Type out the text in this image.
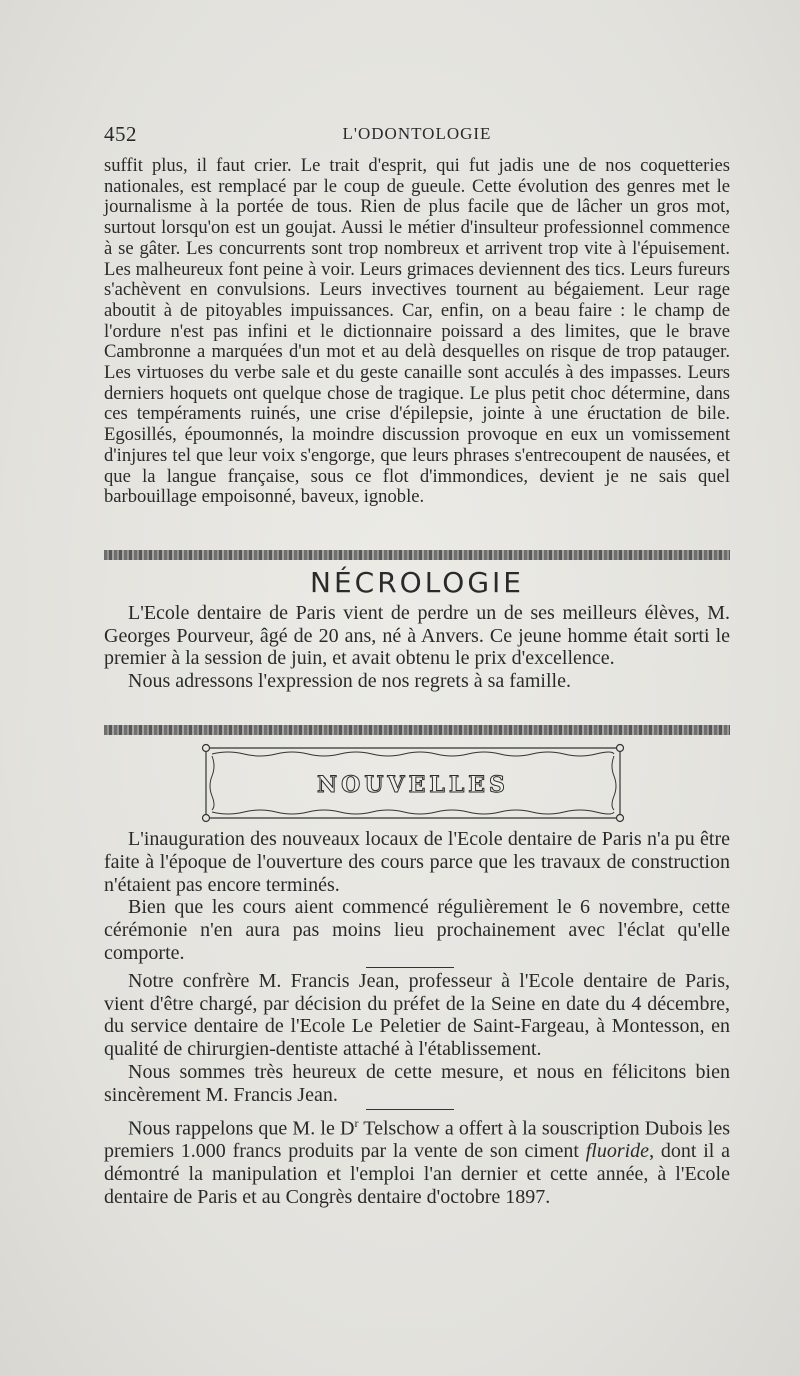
452	L'ODONTOLOGIE
suffit plus, il faut crier. Le trait d'esprit, qui fut jadis une de nos coquetteries nationales, est remplacé par le coup de gueule. Cette évolution des genres met le journalisme à la portée de tous. Rien de plus facile que de lâcher un gros mot, surtout lorsqu'on est un goujat. Aussi le métier d'insulteur professionnel commence à se gâter. Les concurrents sont trop nombreux et arrivent trop vite à l'épuisement. Les malheureux font peine à voir. Leurs grimaces deviennent des tics. Leurs fureurs s'achèvent en convulsions. Leurs invectives tournent au bégaiement. Leur rage aboutit à de pitoyables impuissances. Car, enfin, on a beau faire : le champ de l'ordure n'est pas infini et le dictionnaire poissard a des limites, que le brave Cambronne a marquées d'un mot et au delà desquelles on risque de trop patauger. Les virtuoses du verbe sale et du geste canaille sont acculés à des impasses. Leurs derniers hoquets ont quelque chose de tragique. Le plus petit choc détermine, dans ces tempéraments ruinés, une crise d'épilepsie, jointe à une éructation de bile. Egosillés, époumonnés, la moindre discussion provoque en eux un vomissement d'injures tel que leur voix s'engorge, que leurs phrases s'entrecoupent de nausées, et que la langue française, sous ce flot d'immondices, devient je ne sais quel barbouillage empoisonné, baveux, ignoble.
NÉCROLOGIE

L'Ecole dentaire de Paris vient de perdre un de ses meilleurs élèves, M. Georges Pourveur, âgé de 20 ans, né à Anvers. Ce jeune homme était sorti le premier à la session de juin, et avait obtenu le prix d'excellence.

Nous adressons l'expression de nos regrets à sa famille.

NOUVELLES

L'inauguration des nouveaux locaux de l'Ecole dentaire de Paris n'a pu être faite à l'époque de l'ouverture des cours parce que les travaux de construction n'étaient pas encore terminés.

Bien que les cours aient commencé régulièrement le 6 novembre, cette cérémonie n'en aura pas moins lieu prochainement avec l'éclat qu'elle comporte.

Notre confrère M. Francis Jean, professeur à l'Ecole dentaire de Paris, vient d'être chargé, par décision du préfet de la Seine en date du 4 décembre, du service dentaire de l'Ecole Le Peletier de Saint-Fargeau, à Montesson, en qualité de chirurgien-dentiste attaché à l'établissement.

Nous sommes très heureux de cette mesure, et nous en félicitons bien sincèrement M. Francis Jean.

Nous rappelons que M. le $D^r$ Telschow a offert à la souscription Dubois les premiers 1.000 francs produits par la vente de son ciment fluoride, dont il a démontré la manipulation et l'emploi l'an dernier et cette année, à l'Ecole dentaire de Paris et au Congrès dentaire d'octobre 1897.
